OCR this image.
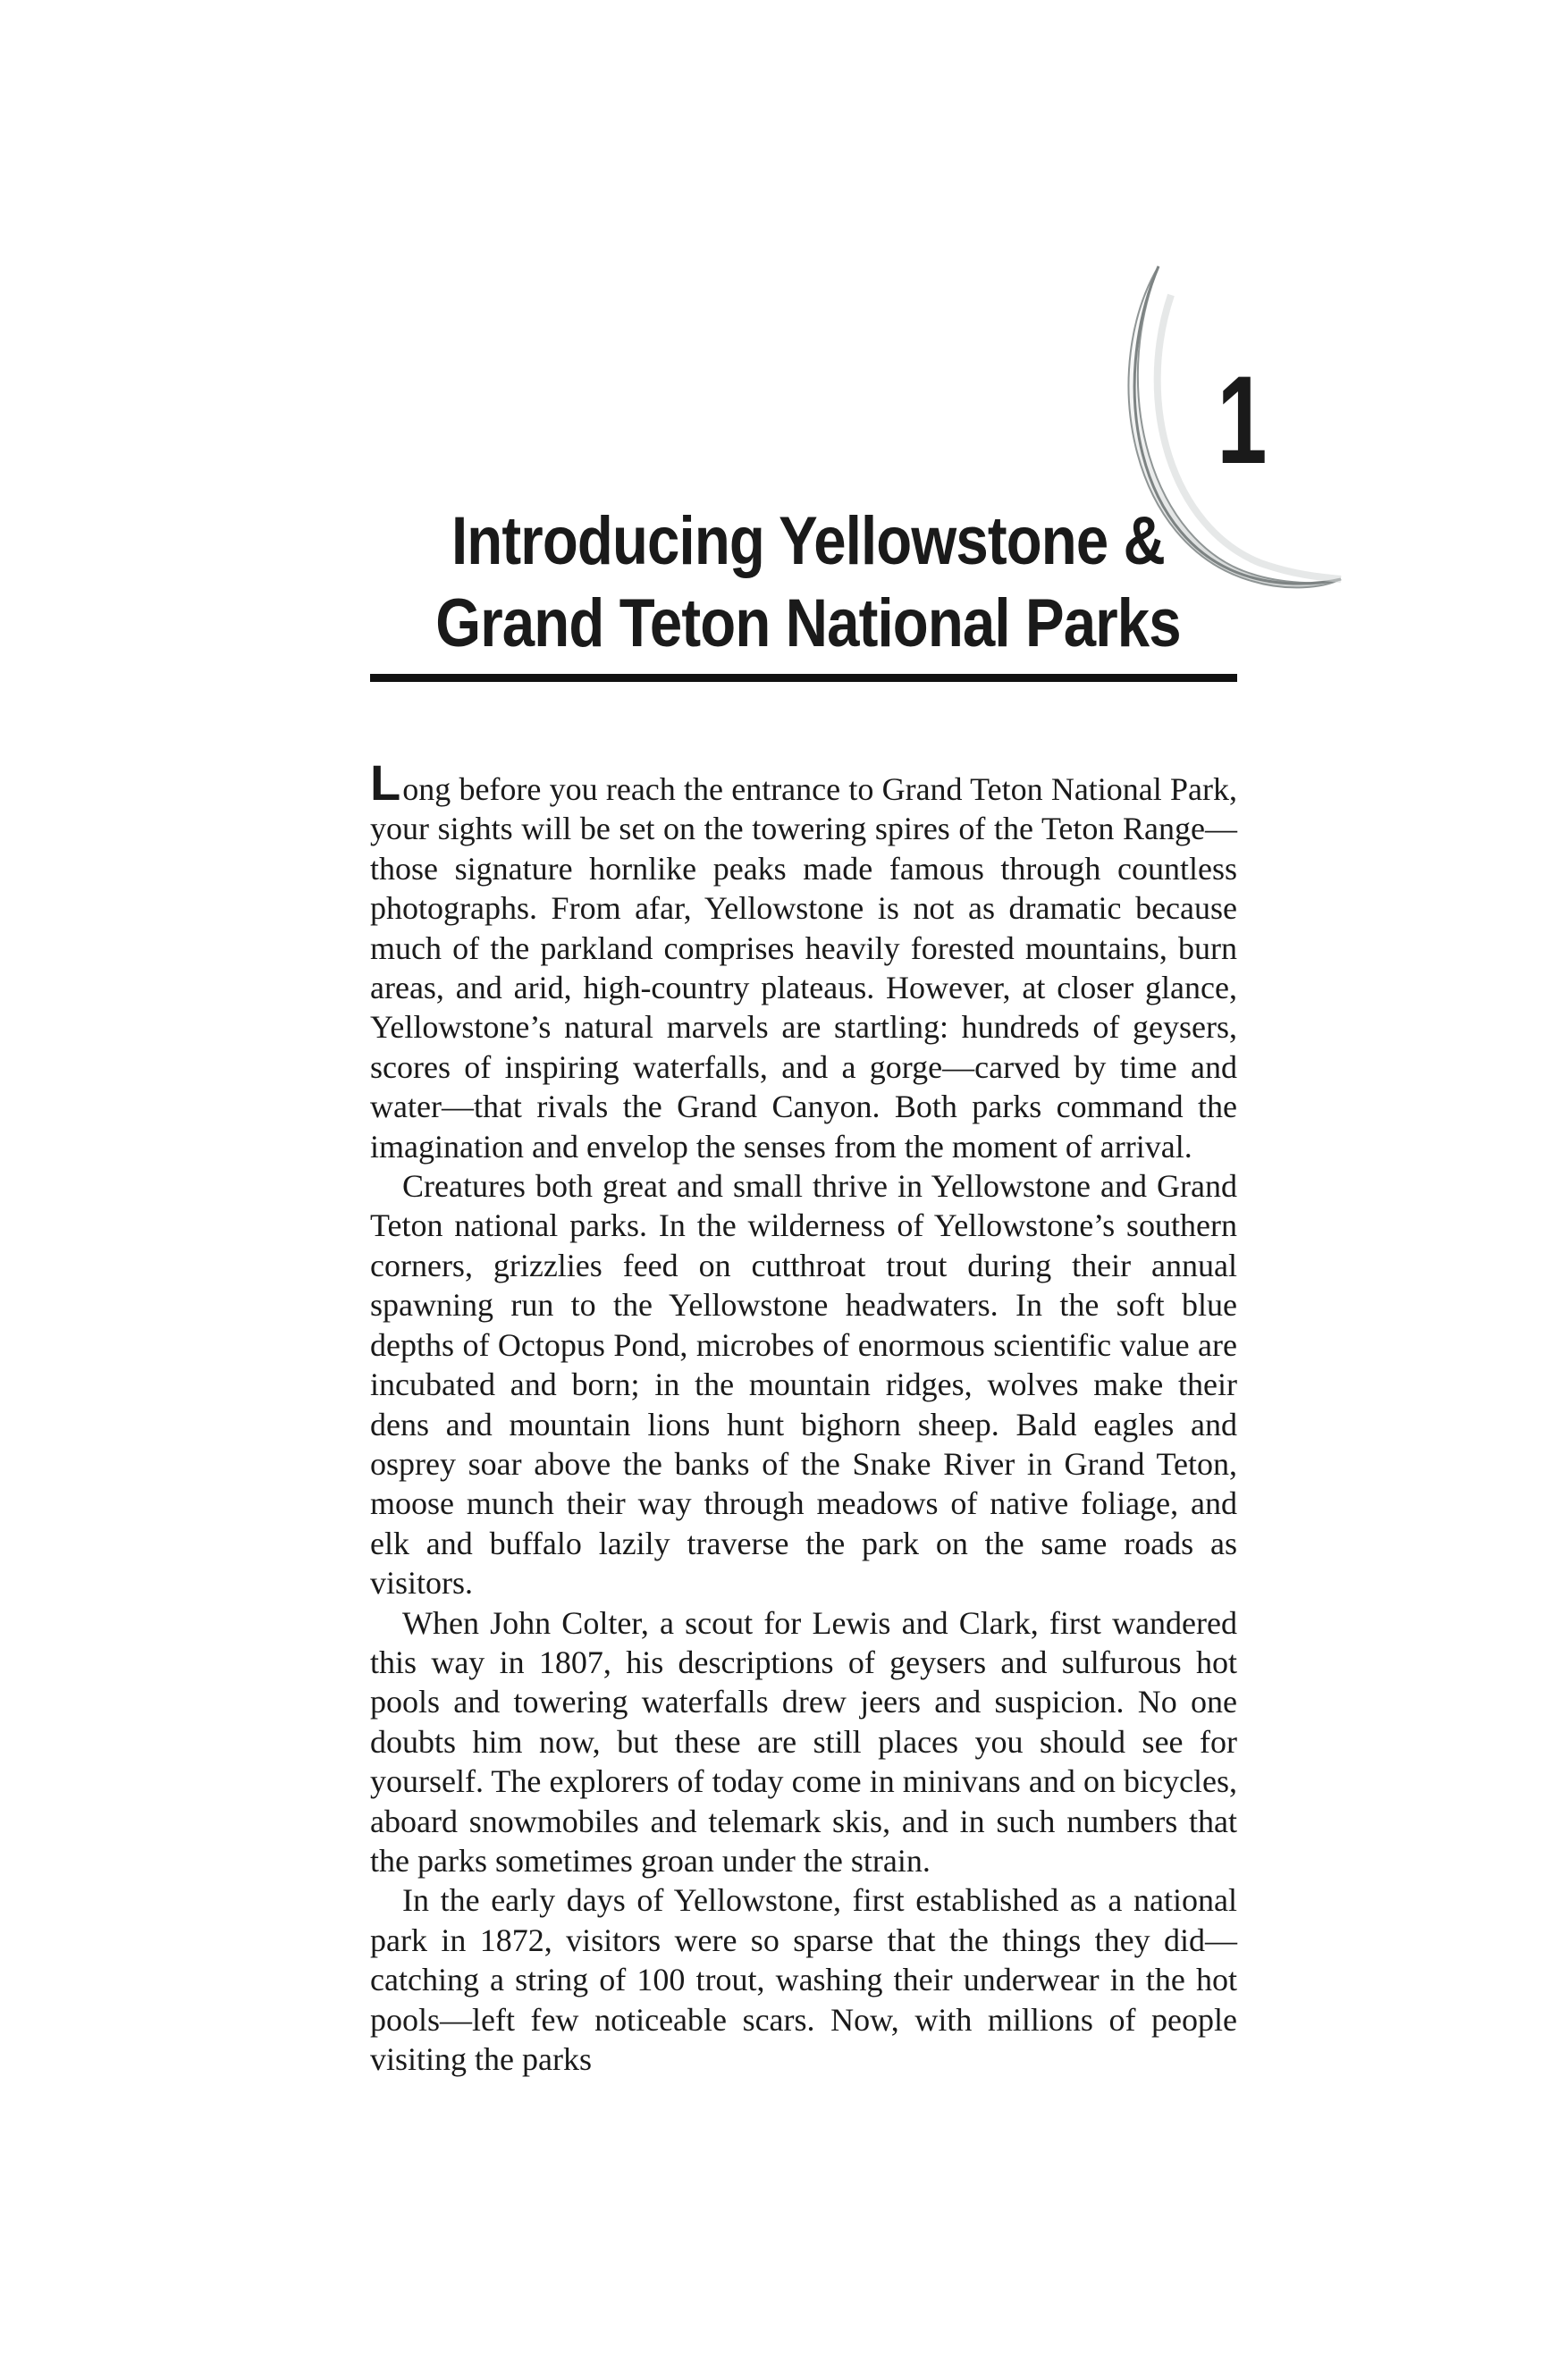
1
Introducing Yellowstone &
Grand Teton National Parks

Long before you reach the entrance to Grand Teton National Park, your sights will be set on the towering spires of the Teton Range—those signature hornlike peaks made famous through countless photographs. From afar, Yellowstone is not as dramatic because much of the parkland comprises heavily forested mountains, burn areas, and arid, high-country plateaus. However, at closer glance, Yellowstone’s natural marvels are startling: hundreds of geysers, scores of inspiring waterfalls, and a gorge—carved by time and water—that rivals the Grand Canyon. Both parks command the imagination and envelop the senses from the moment of arrival.

Creatures both great and small thrive in Yellowstone and Grand Teton national parks. In the wilderness of Yellowstone’s southern corners, grizzlies feed on cutthroat trout during their annual spawning run to the Yellowstone headwaters. In the soft blue depths of Octopus Pond, microbes of enormous scientific value are incubated and born; in the mountain ridges, wolves make their dens and mountain lions hunt bighorn sheep. Bald eagles and osprey soar above the banks of the Snake River in Grand Teton, moose munch their way through meadows of native foliage, and elk and buffalo lazily traverse the park on the same roads as visitors.

When John Colter, a scout for Lewis and Clark, first wandered this way in 1807, his descriptions of geysers and sulfurous hot pools and towering waterfalls drew jeers and suspicion. No one doubts him now, but these are still places you should see for yourself. The explorers of today come in minivans and on bicycles, aboard snowmobiles and telemark skis, and in such numbers that the parks sometimes groan under the strain.

In the early days of Yellowstone, first established as a national park in 1872, visitors were so sparse that the things they did—catching a string of 100 trout, washing their underwear in the hot pools—left few noticeable scars. Now, with millions of people visiting the parks
